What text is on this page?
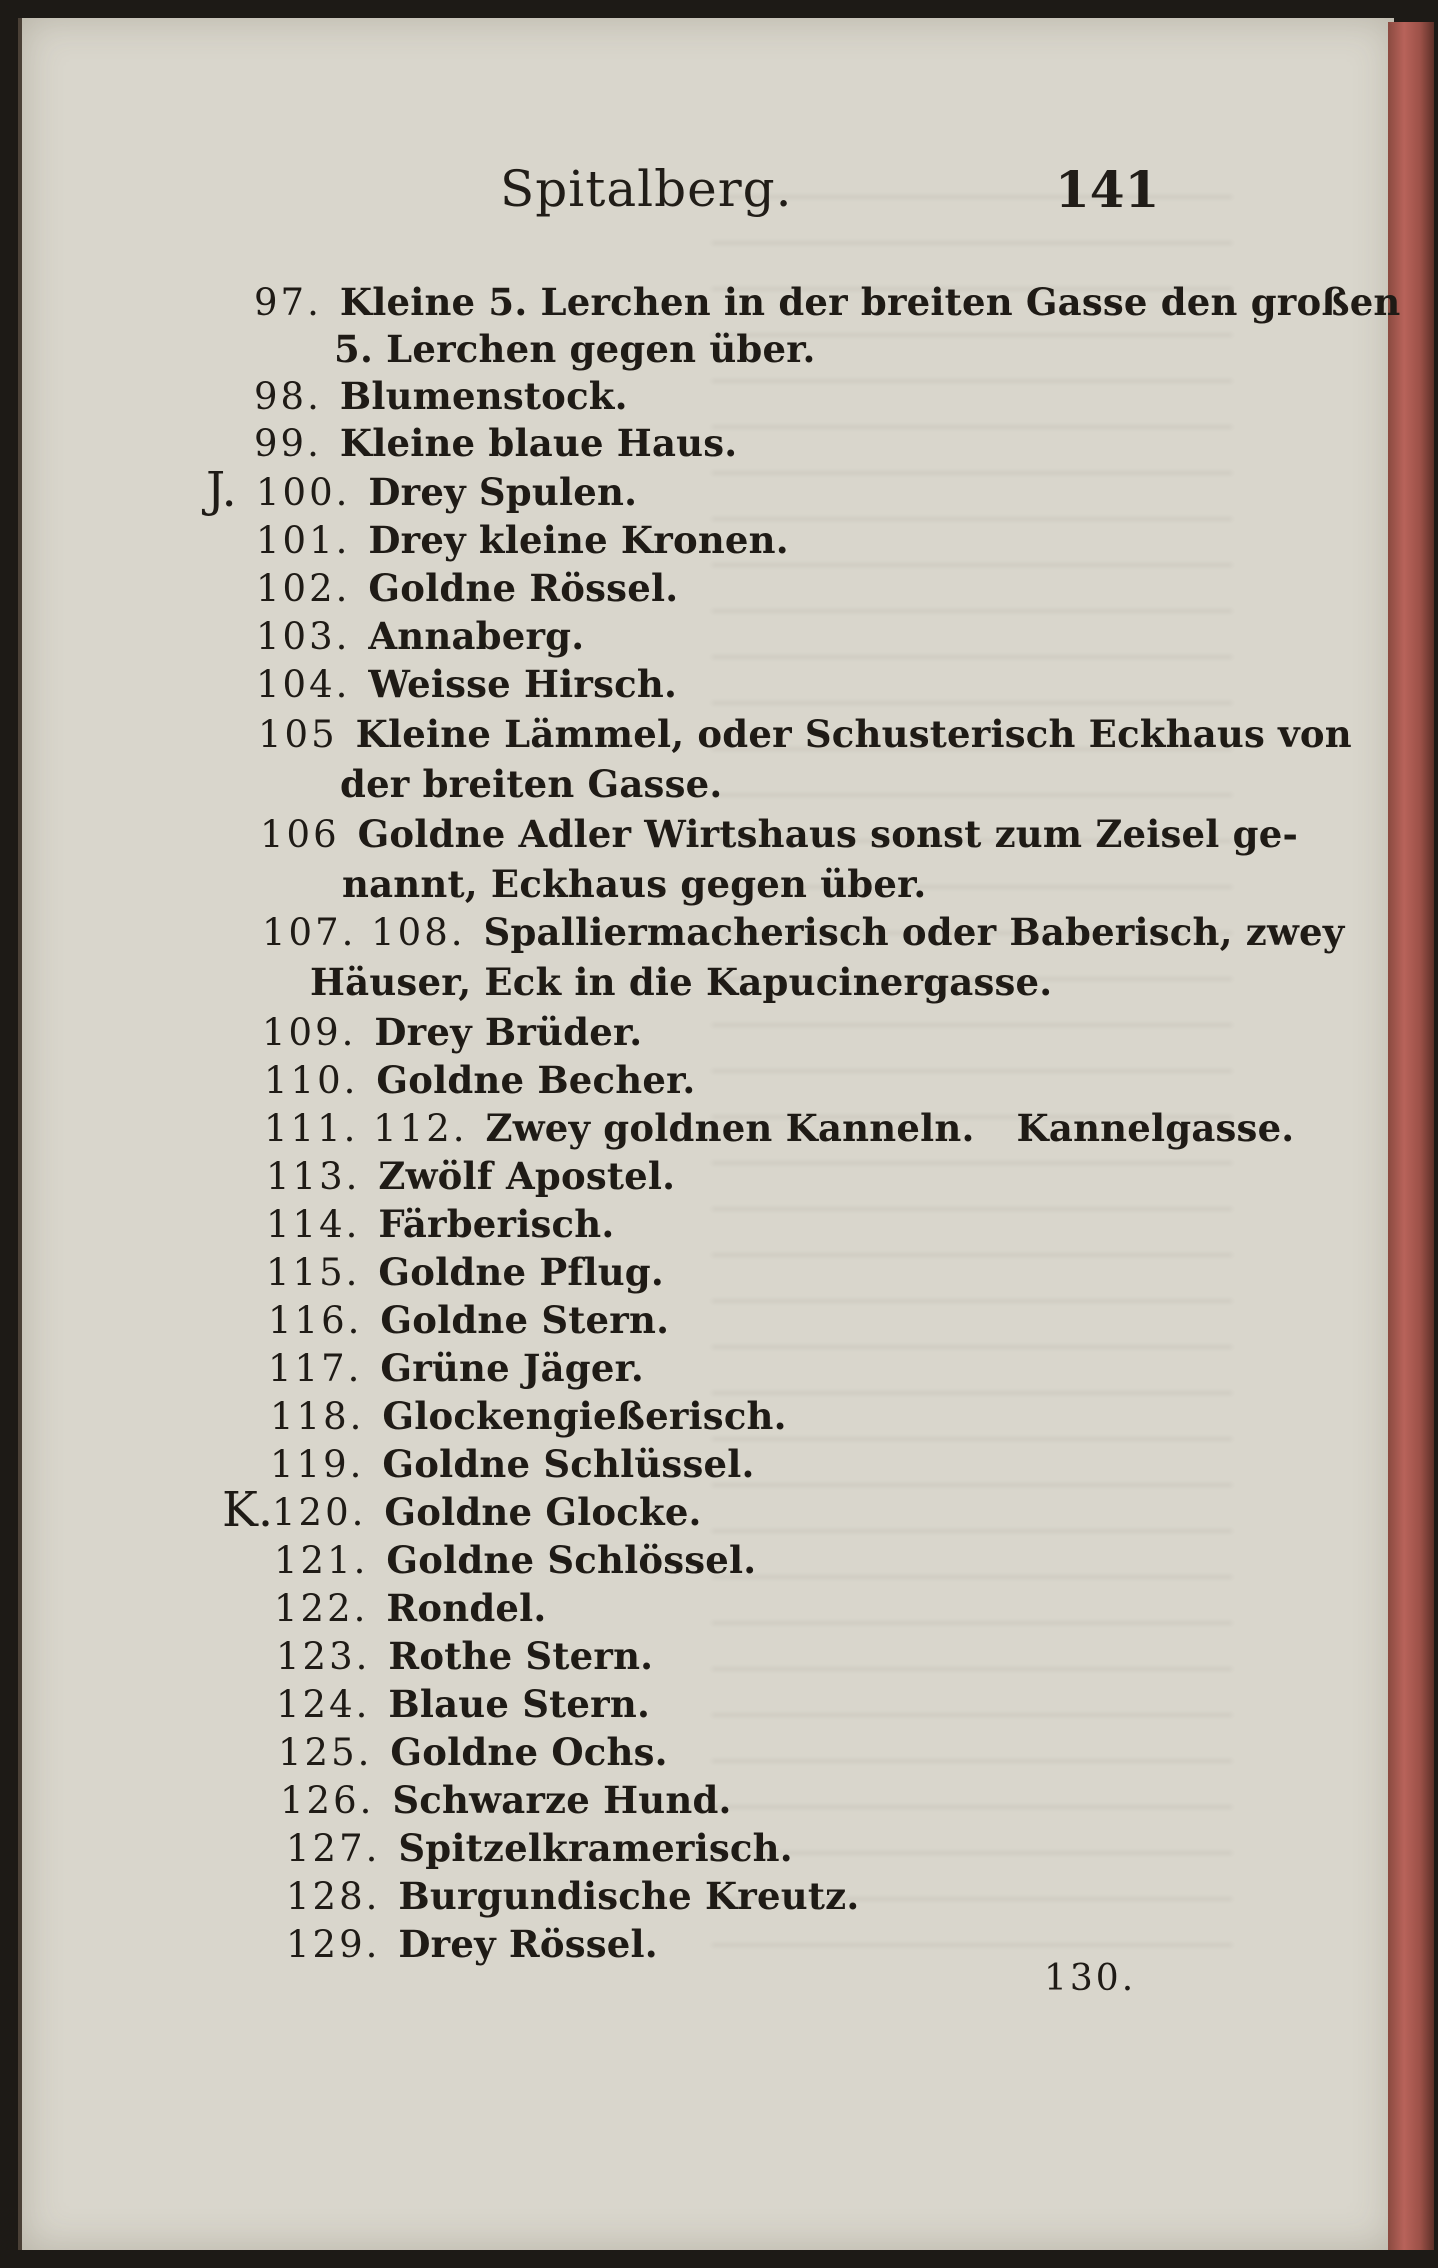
Spitalberg.	141
97. Kleine 5. Lerchen in der breiten Gasse den großen
5. Lerchen gegen über.
98. Blumenstock.
99. Kleine blaue Haus.
J. 100. Drey Spulen.
101. Drey kleine Kronen.
102. Goldne Rössel.
103. Annaberg.
104. Weisse Hirsch.
105 Kleine Lämmel, oder Schusterisch Eckhaus von
der breiten Gasse.
106 Goldne Adler Wirtshaus sonst zum Zeisel ge-
nannt, Eckhaus gegen über.
107. 108. Spalliermacherisch oder Baberisch, zwey
Häuser, Eck in die Kapucinergasse.
109. Drey Brüder.
110. Goldne Becher.
111. 112. Zwey goldnen Kanneln. Kannelgasse.
113. Zwölf Apostel.
114. Färberisch.
115. Goldne Pflug.
116. Goldne Stern.
117. Grüne Jäger.
118. Glockengießerisch.
119. Goldne Schlüssel.
K.
120. Goldne Glocke.
121. Goldne Schlössel.
122. Rondel.
123. Rothe Stern.
124. Blaue Stern.
125. Goldne Ochs.
126. Schwarze Hund.
127. Spitzelkramerisch.
128. Burgundische Kreutz.
129. Drey Rössel.
130.
